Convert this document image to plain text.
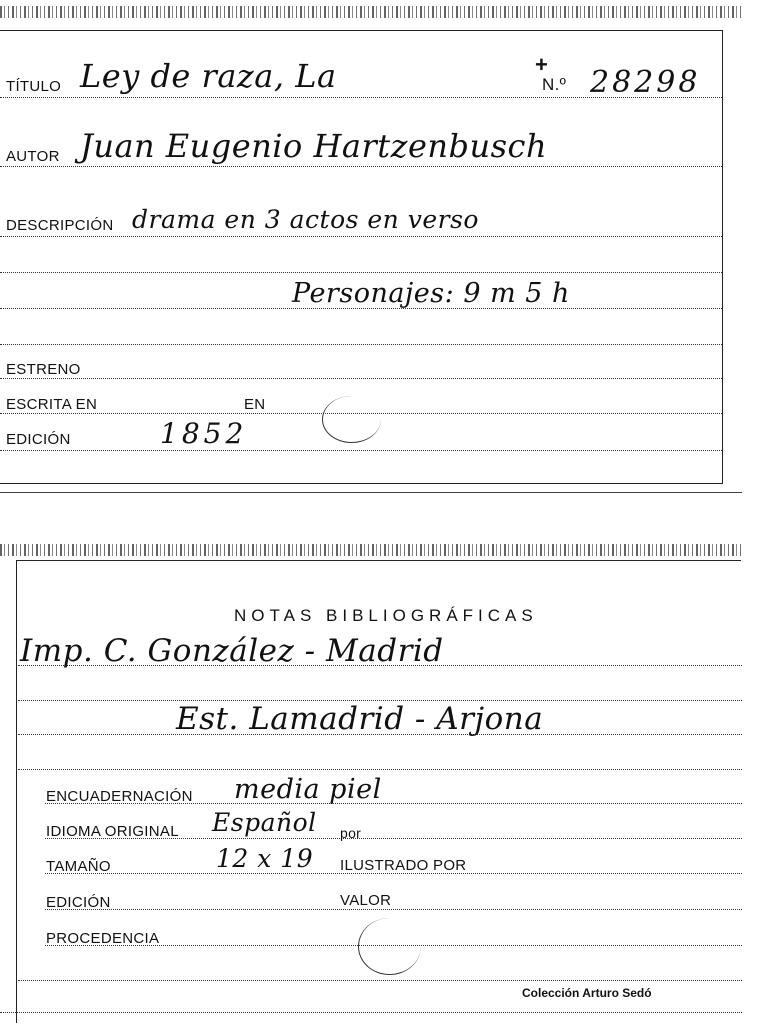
TÍTULO Ley de raza, La	+
N.º 28298
AUTOR Juan Eugenio Hartzenbusch
DESCRIPCIÓN drama en 3 actos en verso
Personajes: 9 m 5 h
ESTRENO
ESCRITA EN	EN
EDICIÓN	1852
NOTAS BIBLIOGRÁFICAS
Imp. C. González - Madrid
Est. Lamadrid - Arjona
ENCUADERNACIÓN media piel
IDIOMA ORIGINAL Español por
TAMAÑO	12 x 19 ILUSTRADO POR
EDICIÓN	VALOR
PROCEDENCIA
Colección Arturo Sedó
